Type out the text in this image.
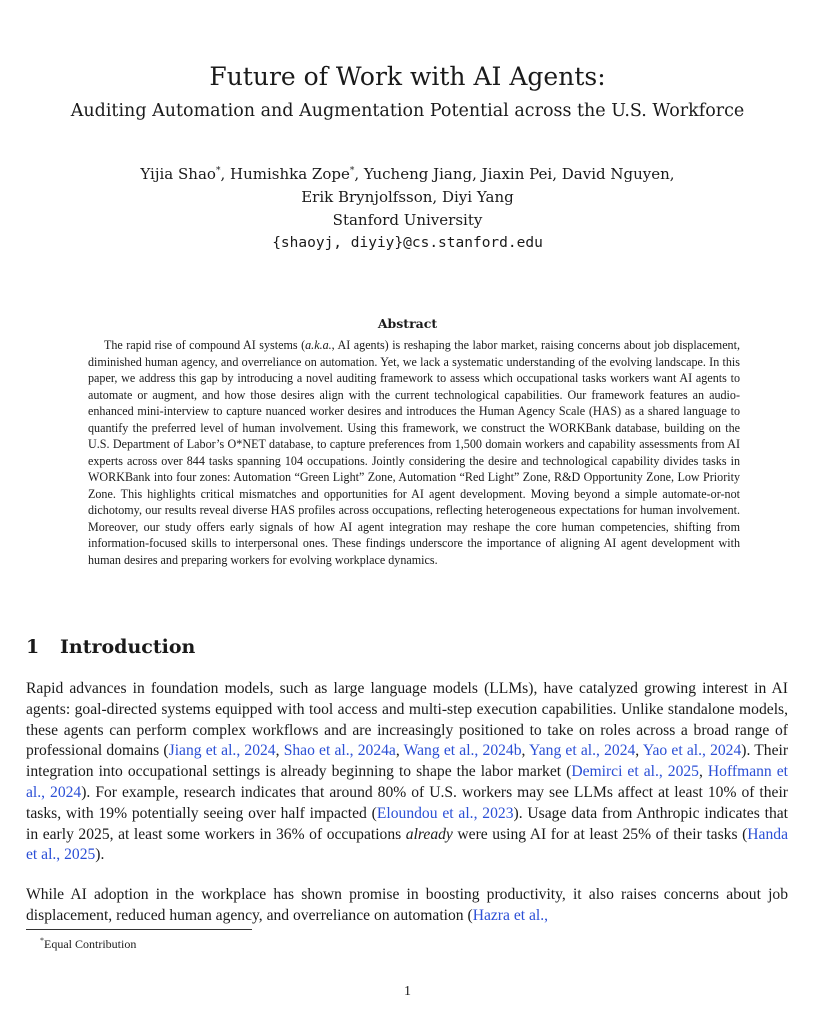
Future of Work with AI Agents:
Auditing Automation and Augmentation Potential across the U.S. Workforce
Yijia Shao*, Humishka Zope*, Yucheng Jiang, Jiaxin Pei, David Nguyen,
Erik Brynjolfsson, Diyi Yang
Stanford University
{shaoyj, diyiy}@cs.stanford.edu
Abstract
The rapid rise of compound AI systems (a.k.a., AI agents) is reshaping the labor market, raising concerns about job displacement, diminished human agency, and overreliance on automation. Yet, we lack a systematic understanding of the evolving landscape. In this paper, we address this gap by introducing a novel auditing framework to assess which occupational tasks workers want AI agents to automate or augment, and how those desires align with the current technological capabilities. Our framework features an audio-enhanced mini-interview to capture nuanced worker desires and introduces the Human Agency Scale (HAS) as a shared language to quantify the preferred level of human involvement. Using this framework, we construct the WORKBank database, building on the U.S. Department of Labor’s O*NET database, to capture preferences from 1,500 domain workers and capability assessments from AI experts across over 844 tasks spanning 104 occupations. Jointly considering the desire and technological capability divides tasks in WORKBank into four zones: Automation “Green Light” Zone, Automation “Red Light” Zone, R&D Opportunity Zone, Low Priority Zone. This highlights critical mismatches and opportunities for AI agent development. Moving beyond a simple automate-or-not dichotomy, our results reveal diverse HAS profiles across occupations, reflecting heterogeneous expectations for human involvement. Moreover, our study offers early signals of how AI agent integration may reshape the core human competencies, shifting from information-focused skills to interpersonal ones. These findings underscore the importance of aligning AI agent development with human desires and preparing workers for evolving workplace dynamics.
1 Introduction
Rapid advances in foundation models, such as large language models (LLMs), have catalyzed growing interest in AI agents: goal-directed systems equipped with tool access and multi-step execution capabilities. Unlike standalone models, these agents can perform complex workflows and are increasingly positioned to take on roles across a broad range of professional domains (Jiang et al., 2024, Shao et al., 2024a, Wang et al., 2024b, Yang et al., 2024, Yao et al., 2024). Their integration into occupational settings is already beginning to shape the labor market (Demirci et al., 2025, Hoffmann et al., 2024). For example, research indicates that around 80% of U.S. workers may see LLMs affect at least 10% of their tasks, with 19% potentially seeing over half impacted (Eloundou et al., 2023). Usage data from Anthropic indicates that in early 2025, at least some workers in 36% of occupations already were using AI for at least 25% of their tasks (Handa et al., 2025).
While AI adoption in the workplace has shown promise in boosting productivity, it also raises concerns about job displacement, reduced human agency, and overreliance on automation (Hazra et al.,
*Equal Contribution
1
